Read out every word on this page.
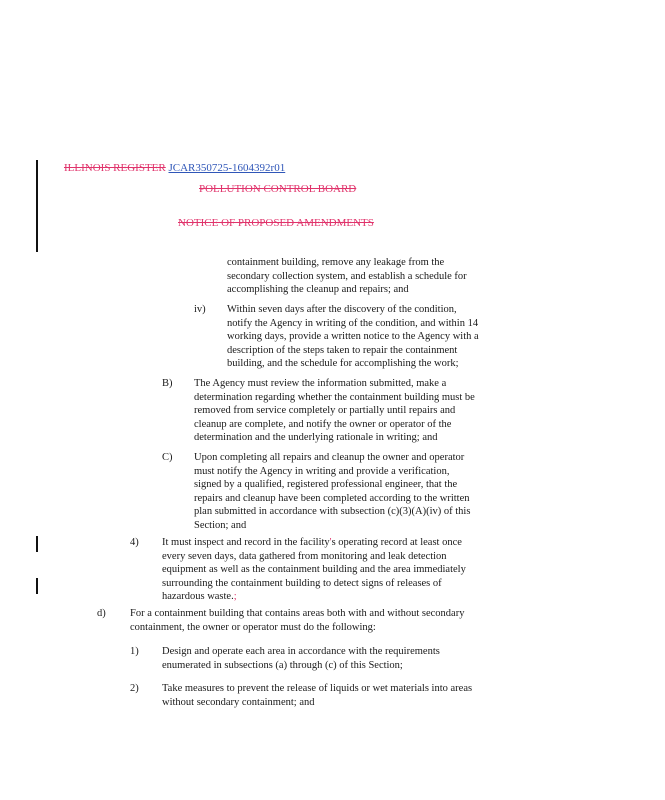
ILLINOIS REGISTER JCAR350725-1604392r01
POLLUTION CONTROL BOARD
NOTICE OF PROPOSED AMENDMENTS
containment building, remove any leakage from the
secondary collection system, and establish a schedule for
accomplishing the cleanup and repairs; and
iv) Within seven days after the discovery of the condition,
notify the Agency in writing of the condition, and within 14
working days, provide a written notice to the Agency with a
description of the steps taken to repair the containment
building, and the schedule for accomplishing the work;
B) The Agency must review the information submitted, make a
determination regarding whether the containment building must be
removed from service completely or partially until repairs and
cleanup are complete, and notify the owner or operator of the
determination and the underlying rationale in writing; and
C) Upon completing all repairs and cleanup the owner and operator
must notify the Agency in writing and provide a verification,
signed by a qualified, registered professional engineer, that the
repairs and cleanup have been completed according to the written
plan submitted in accordance with subsection (c)(3)(A)(iv) of this
Section; and
4) It must inspect and record in the facility's operating record at least once
every seven days, data gathered from monitoring and leak detection
equipment as well as the containment building and the area immediately
surrounding the containment building to detect signs of releases of
hazardous waste.;
d) For a containment building that contains areas both with and without secondary
containment, the owner or operator must do the following:
1) Design and operate each area in accordance with the requirements
enumerated in subsections (a) through (c) of this Section;
2) Take measures to prevent the release of liquids or wet materials into areas
without secondary containment; and
